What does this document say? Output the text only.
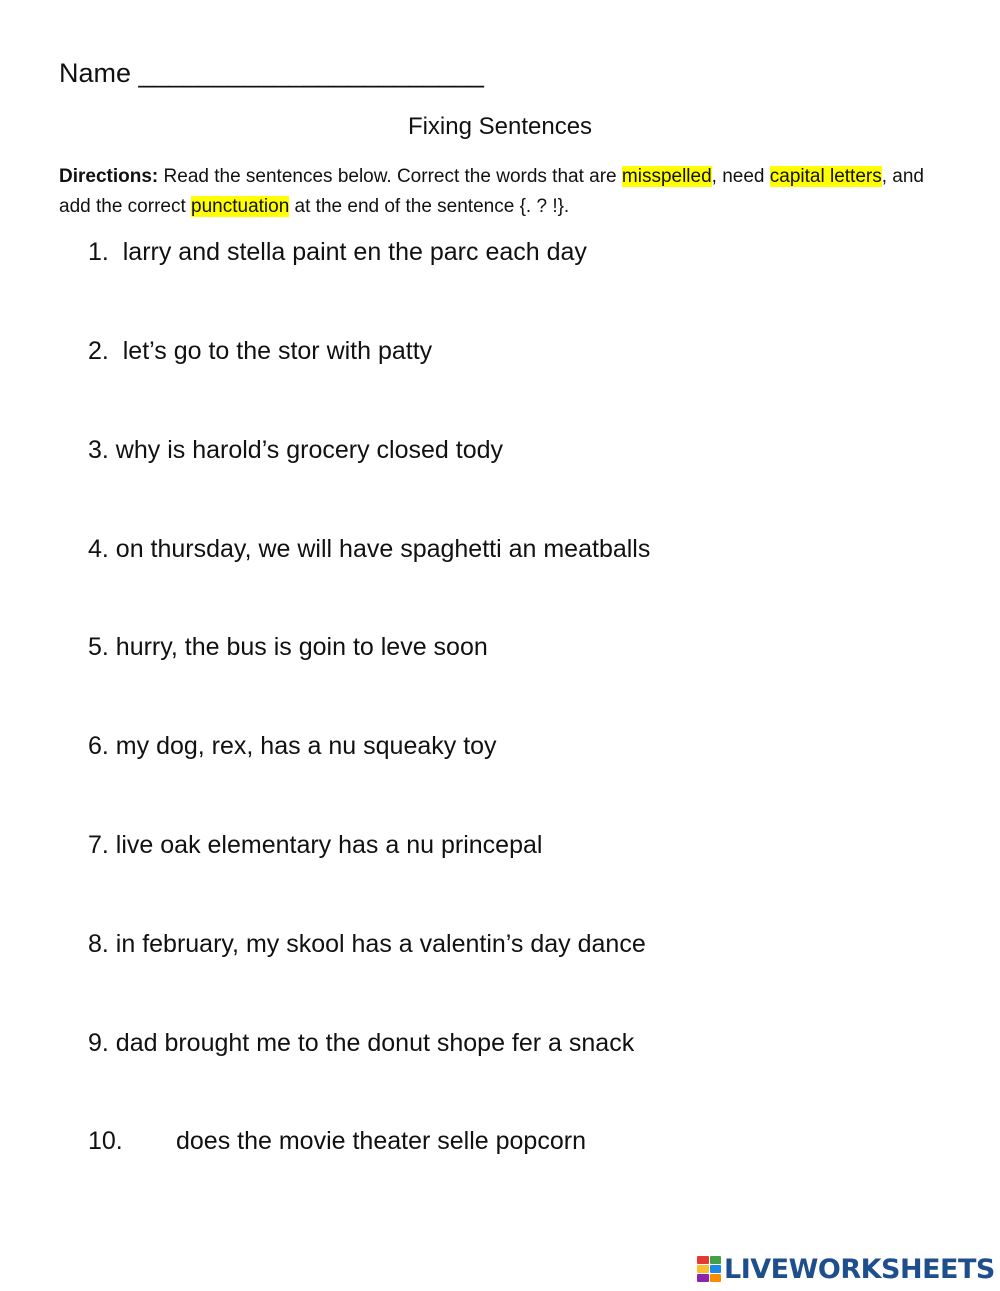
Name _______________________
Fixing Sentences
Directions: Read the sentences below. Correct the words that are misspelled, need capital letters, and add the correct punctuation at the end of the sentence {. ? !}.
1.  larry and stella paint en the parc each day
2.  let’s go to the stor with patty
3. why is harold’s grocery closed tody
4. on thursday, we will have spaghetti an meatballs
5. hurry, the bus is goin to leve soon
6. my dog, rex, has a nu squeaky toy
7. live oak elementary has a nu princepal
8. in february, my skool has a valentin’s day dance
9. dad brought me to the donut shope fer a snack
10. does the movie theater selle popcorn
LIVEWORKSHEETS
